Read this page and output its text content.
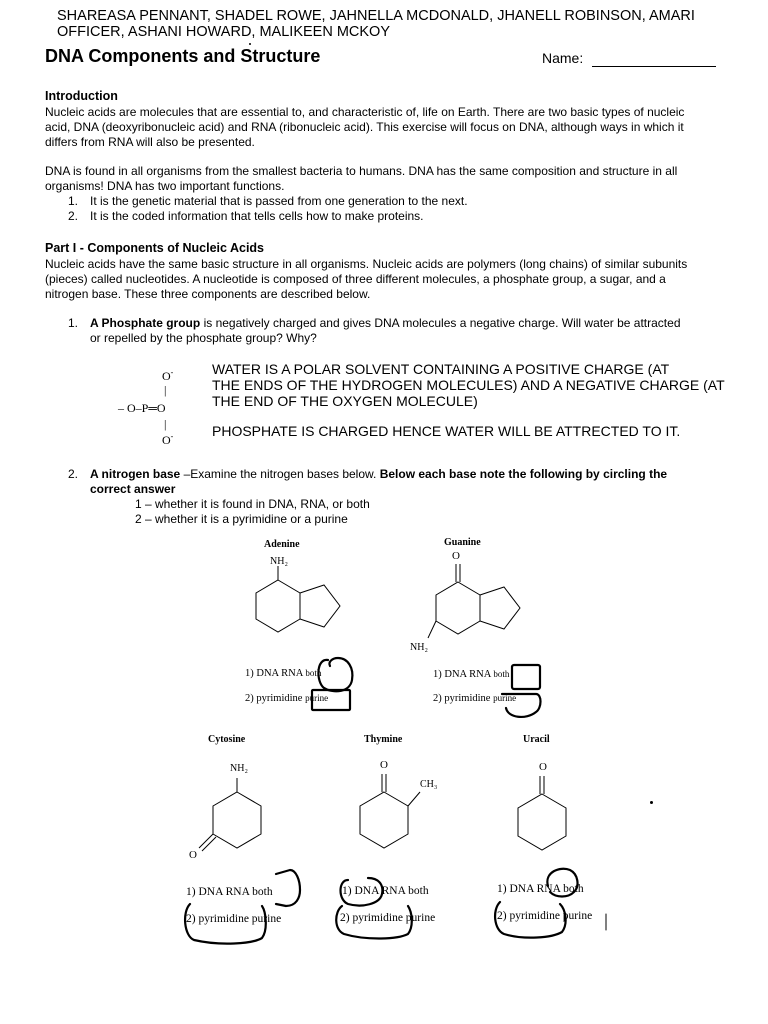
SHAREASA PENNANT, SHADEL ROWE, JAHNELLA MCDONALD, JHANELL ROBINSON, AMARI
OFFICER, ASHANI HOWARD, MALIKEEN MCKOY
DNA Components and Structure	Name:
Introduction
Nucleic acids are molecules that are essential to, and characteristic of, life on Earth. There are two basic types of nucleic
acid, DNA (deoxyribonucleic acid) and RNA (ribonucleic acid). This exercise will focus on DNA, although ways in which it
differs from RNA will also be presented.
DNA is found in all organisms from the smallest bacteria to humans. DNA has the same composition and structure in all
organisms! DNA has two important functions.
1. It is the genetic material that is passed from one generation to the next.
2. It is the coded information that tells cells how to make proteins.
Part I - Components of Nucleic Acids
Nucleic acids have the same basic structure in all organisms. Nucleic acids are polymers (long chains) of similar subunits
(pieces) called nucleotides. A nucleotide is composed of three different molecules, a phosphate group, a sugar, and a
nitrogen base. These three components are described below.
1. A Phosphate group is negatively charged and gives DNA molecules a negative charge. Will water be attracted
or repelled by the phosphate group? Why?
O-
|
– O–P═O
|
O-
WATER IS A POLAR SOLVENT CONTAINING A POSITIVE CHARGE (AT
THE ENDS OF THE HYDROGEN MOLECULES) AND A NEGATIVE CHARGE (AT
THE END OF THE OXYGEN MOLECULE)
PHOSPHATE IS CHARGED HENCE WATER WILL BE ATTRECTED TO IT.
2. A nitrogen base –Examine the nitrogen bases below. Below each base note the following by circling the
correct answer
1 – whether it is found in DNA, RNA, or both
2 – whether it is a pyrimidine or a purine
Adenine
NH₂
1) DNA RNA both
2) pyrimidine purine
Guanine
O
NH₂
1) DNA RNA both
2) pyrimidine purine
Cytosine
NH₂
O
1) DNA RNA both
2) pyrimidine purine
Thymine
O
CH₃
1) DNA RNA both
2) pyrimidine purine
Uracil
O
1) DNA RNA both
2) pyrimidine purine
